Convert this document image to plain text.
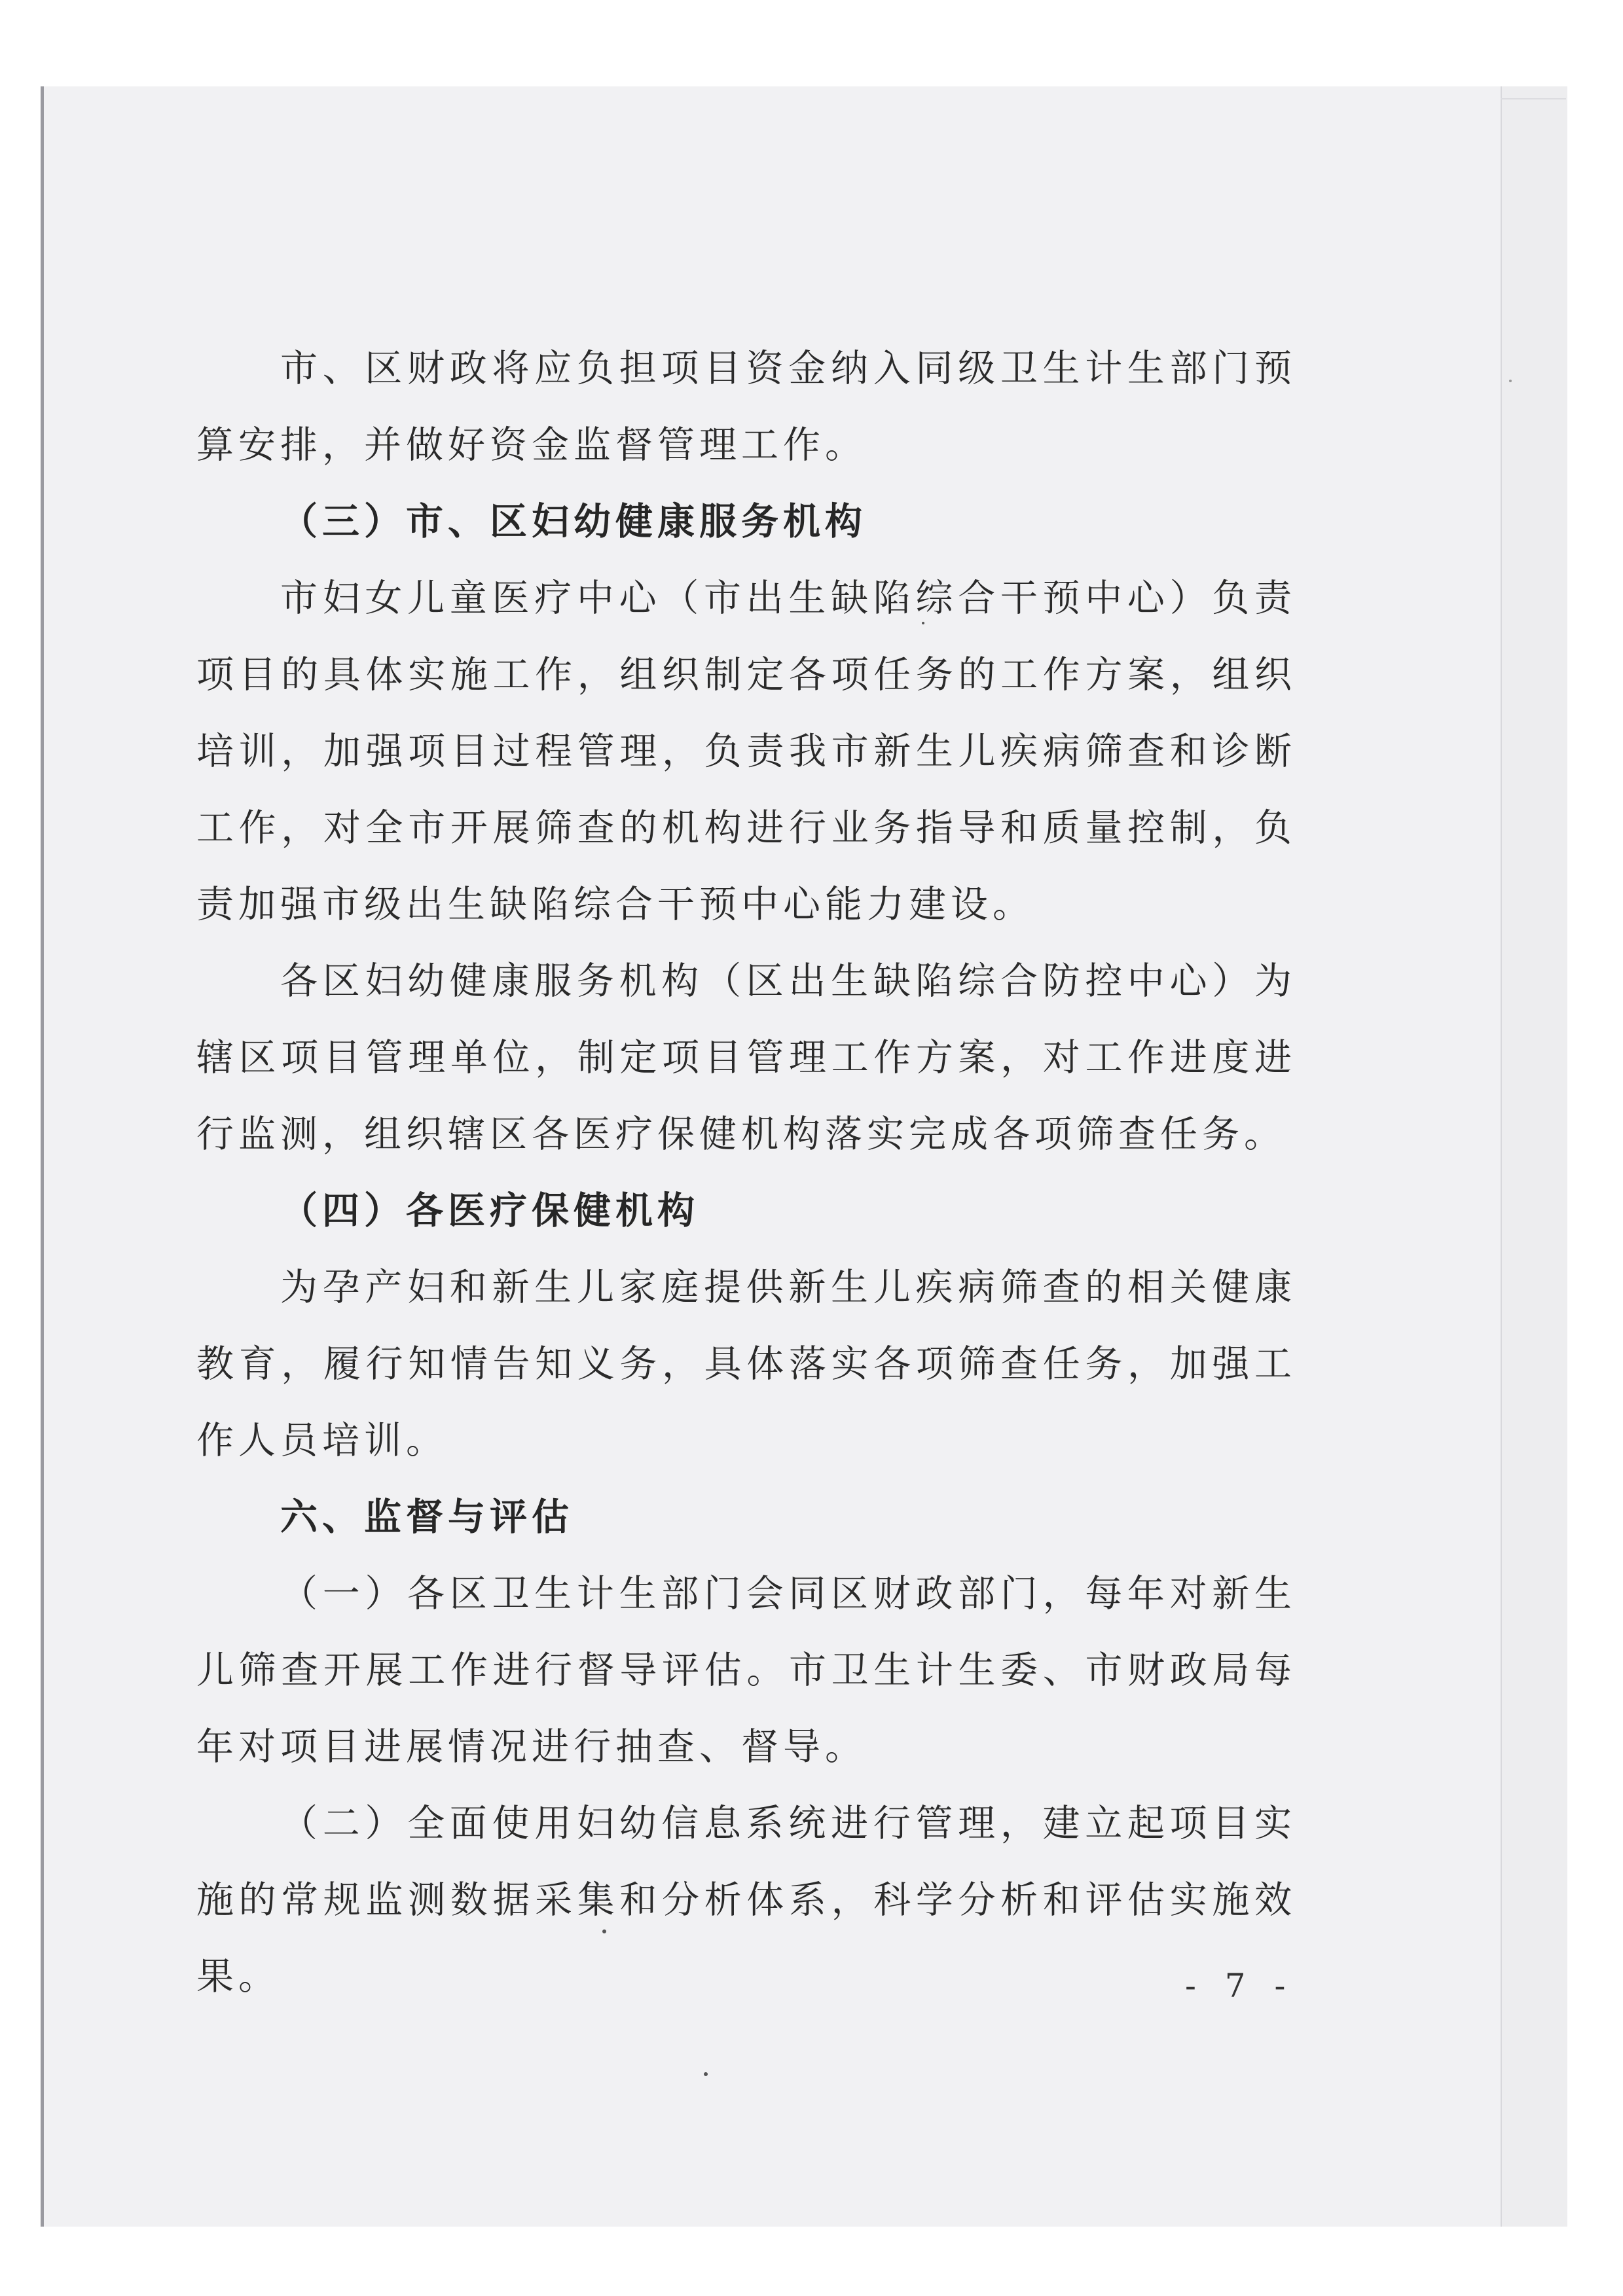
市、区财政将应负担项目资金纳入同级卫生计生部门预算安排，并做好资金监督管理工作。

（三）市、区妇幼健康服务机构

市妇女儿童医疗中心（市出生缺陷综合干预中心）负责项目的具体实施工作，组织制定各项任务的工作方案，组织培训，加强项目过程管理，负责我市新生儿疾病筛查和诊断工作，对全市开展筛查的机构进行业务指导和质量控制，负责加强市级出生缺陷综合干预中心能力建设。

各区妇幼健康服务机构（区出生缺陷综合防控中心）为辖区项目管理单位，制定项目管理工作方案，对工作进度进行监测，组织辖区各医疗保健机构落实完成各项筛查任务。

（四）各医疗保健机构

为孕产妇和新生儿家庭提供新生儿疾病筛查的相关健康教育，履行知情告知义务，具体落实各项筛查任务，加强工作人员培训。

六、监督与评估

（一）各区卫生计生部门会同区财政部门，每年对新生儿筛查开展工作进行督导评估。市卫生计生委、市财政局每年对项目进展情况进行抽查、督导。

（二）全面使用妇幼信息系统进行管理，建立起项目实施的常规监测数据采集和分析体系，科学分析和评估实施效果。	- 7 -
